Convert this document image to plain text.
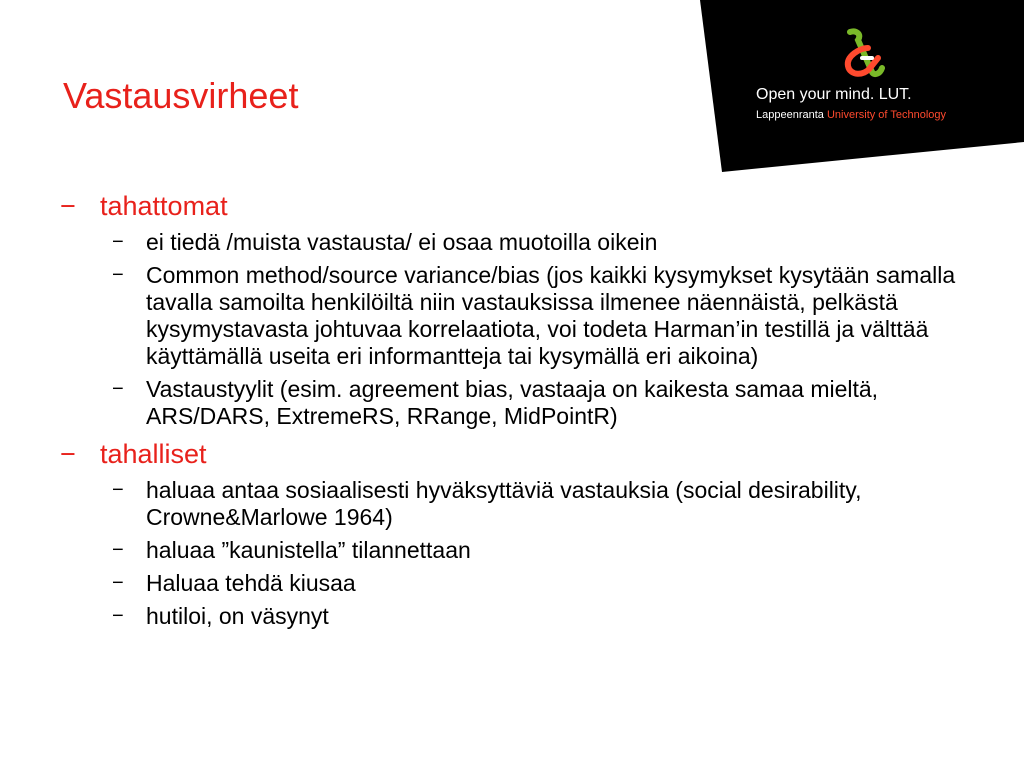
Vastausvirheet	Open your mind. LUT.
Lappeenranta University of Technology
− tahattomat
− ei tiedä /muista vastausta/ ei osaa muotoilla oikein
− Common method/source variance/bias (jos kaikki kysymykset kysytään samalla tavalla samoilta henkilöiltä niin vastauksissa ilmenee näennäistä, pelkästä kysymystavasta johtuvaa korrelaatiota, voi todeta Harman’in testillä ja välttää käyttämällä useita eri informantteja tai kysymällä eri aikoina)
− Vastaustyylit (esim. agreement bias, vastaaja on kaikesta samaa mieltä, ARS/DARS, ExtremeRS, RRange, MidPointR)
− tahalliset
− haluaa antaa sosiaalisesti hyväksyttäviä vastauksia (social desirability, Crowne&Marlowe 1964)
− haluaa ”kaunistella” tilannettaan
− Haluaa tehdä kiusaa
− hutiloi, on väsynyt
